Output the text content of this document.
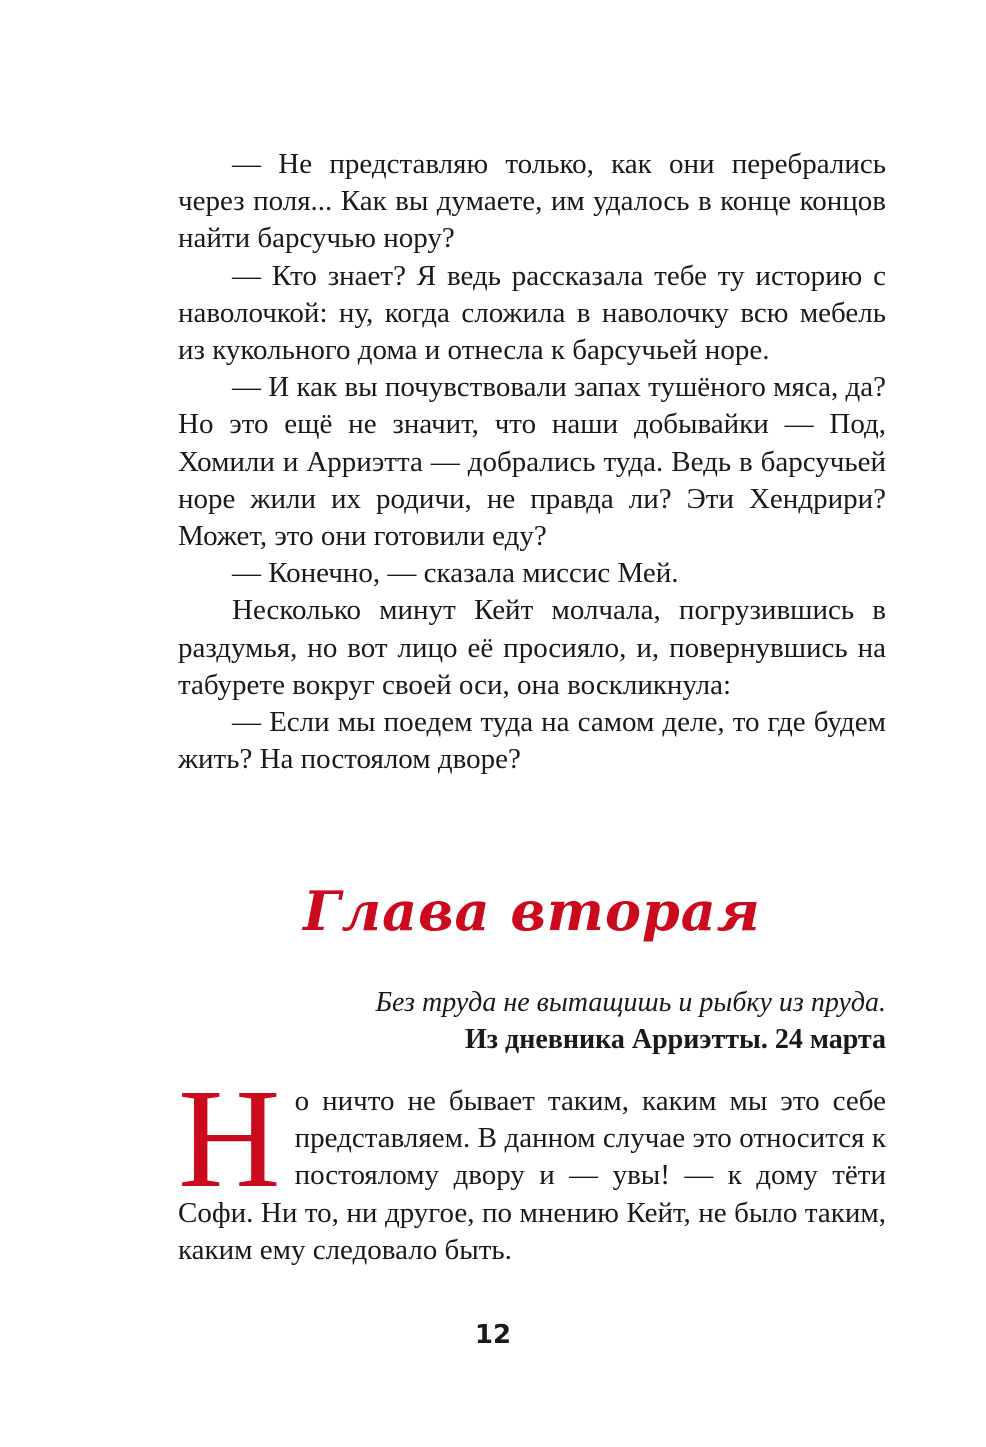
— Не представляю только, как они перебрались через поля... Как вы думаете, им удалось в конце концов найти барсучью нору?

— Кто знает? Я ведь рассказала тебе ту историю с наволочкой: ну, когда сложила в наволочку всю мебель из кукольного дома и отнесла к барсучьей норе.

— И как вы почувствовали запах тушёного мяса, да? Но это ещё не значит, что наши добывайки — Под, Хомили и Арриэтта — добрались туда. Ведь в барсучьей норе жили их родичи, не правда ли? Эти Хендрири? Может, это они готовили еду?

— Конечно, — сказала миссис Мей.

Несколько минут Кейт молчала, погрузившись в раздумья, но вот лицо её просияло, и, повернувшись на табурете вокруг своей оси, она воскликнула:

— Если мы поедем туда на самом деле, то где будем жить? На постоялом дворе?

Глава вторая
Без труда не вытащишь и рыбку из пруда.
Из дневника Арриэтты. 24 марта
Но ничто не бывает таким, каким мы это себе представляем. В данном случае это относится к постоялому двору и — увы! — к дому тёти Софи. Ни то, ни другое, по мнению Кейт, не было таким, каким ему следовало быть.
12
